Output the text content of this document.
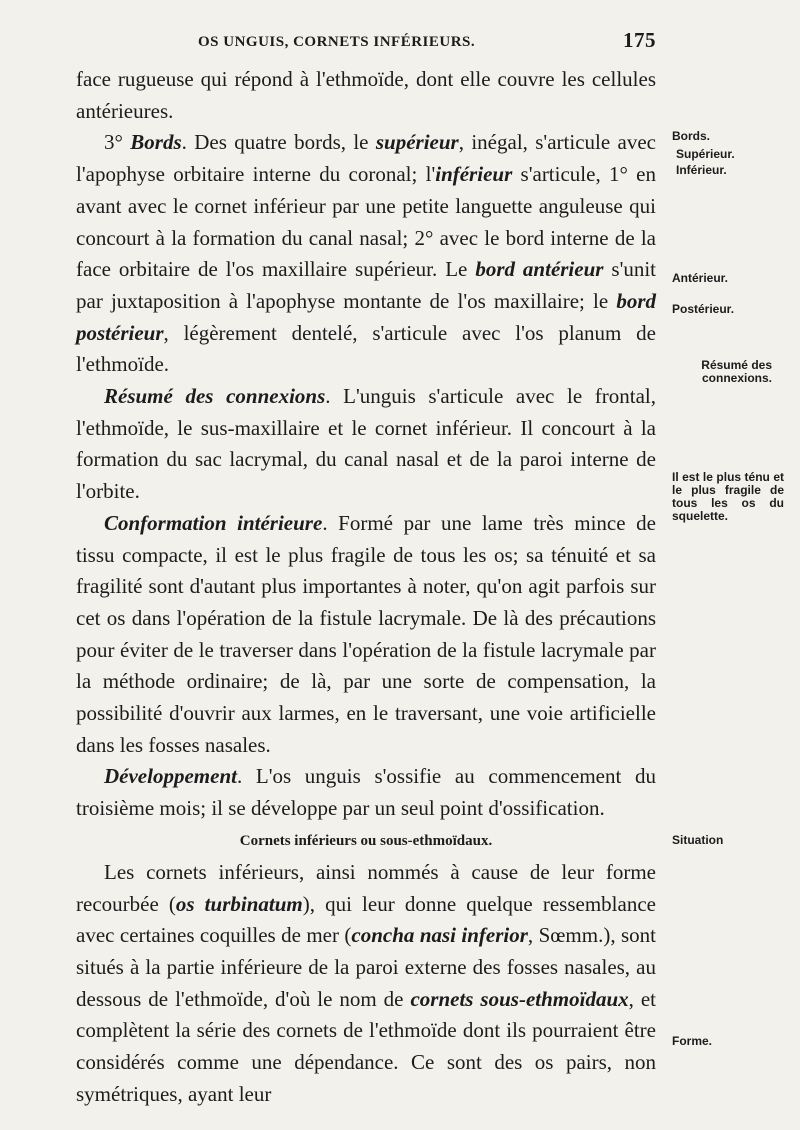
OS UNGUIS, CORNETS INFÉRIEURS.	175

face rugueuse qui répond à l'ethmoïde, dont elle couvre les cellules antérieures.

3° Bords. Des quatre bords, le supérieur, inégal, s'articule avec l'apophyse orbitaire interne du coronal; l'inférieur s'articule, 1° en avant avec le cornet inférieur par une petite languette anguleuse qui concourt à la formation du canal nasal; 2° avec le bord interne de la face orbitaire de l'os maxillaire supérieur. Le bord antérieur s'unit par juxtaposition à l'apophyse montante de l'os maxillaire; le bord postérieur, légèrement dentelé, s'articule avec l'os planum de l'ethmoïde.

Résumé des connexions. L'unguis s'articule avec le frontal, l'ethmoïde, le sus-maxillaire et le cornet inférieur. Il concourt à la formation du sac lacrymal, du canal nasal et de la paroi interne de l'orbite.

Conformation intérieure. Formé par une lame très mince de tissu compacte, il est le plus fragile de tous les os; sa ténuité et sa fragilité sont d'autant plus importantes à noter, qu'on agit parfois sur cet os dans l'opération de la fistule lacrymale. De là des précautions pour éviter de le traverser dans l'opération de la fistule lacrymale par la méthode ordinaire; de là, par une sorte de compensation, la possibilité d'ouvrir aux larmes, en le traversant, une voie artificielle dans les fosses nasales.

Développement. L'os unguis s'ossifie au commencement du troisième mois; il se développe par un seul point d'ossification.

Cornets inférieurs ou sous-ethmoïdaux.

Les cornets inférieurs, ainsi nommés à cause de leur forme recourbée (os turbinatum), qui leur donne quelque ressemblance avec certaines coquilles de mer (concha nasi inferior, Sœmm.), sont situés à la partie inférieure de la paroi externe des fosses nasales, au dessous de l'ethmoïde, d'où le nom de cornets sous-ethmoïdaux, et complètent la série des cornets de l'ethmoïde dont ils pourraient être considérés comme une dépendance. Ce sont des os pairs, non symétriques, ayant leur

Bords.
Supérieur.
Inférieur.
Antérieur.
Postérieur.
Résumé des connexions.
Il est le plus ténu et le plus fragile de tous les os du squelette.
Situation
Forme.
